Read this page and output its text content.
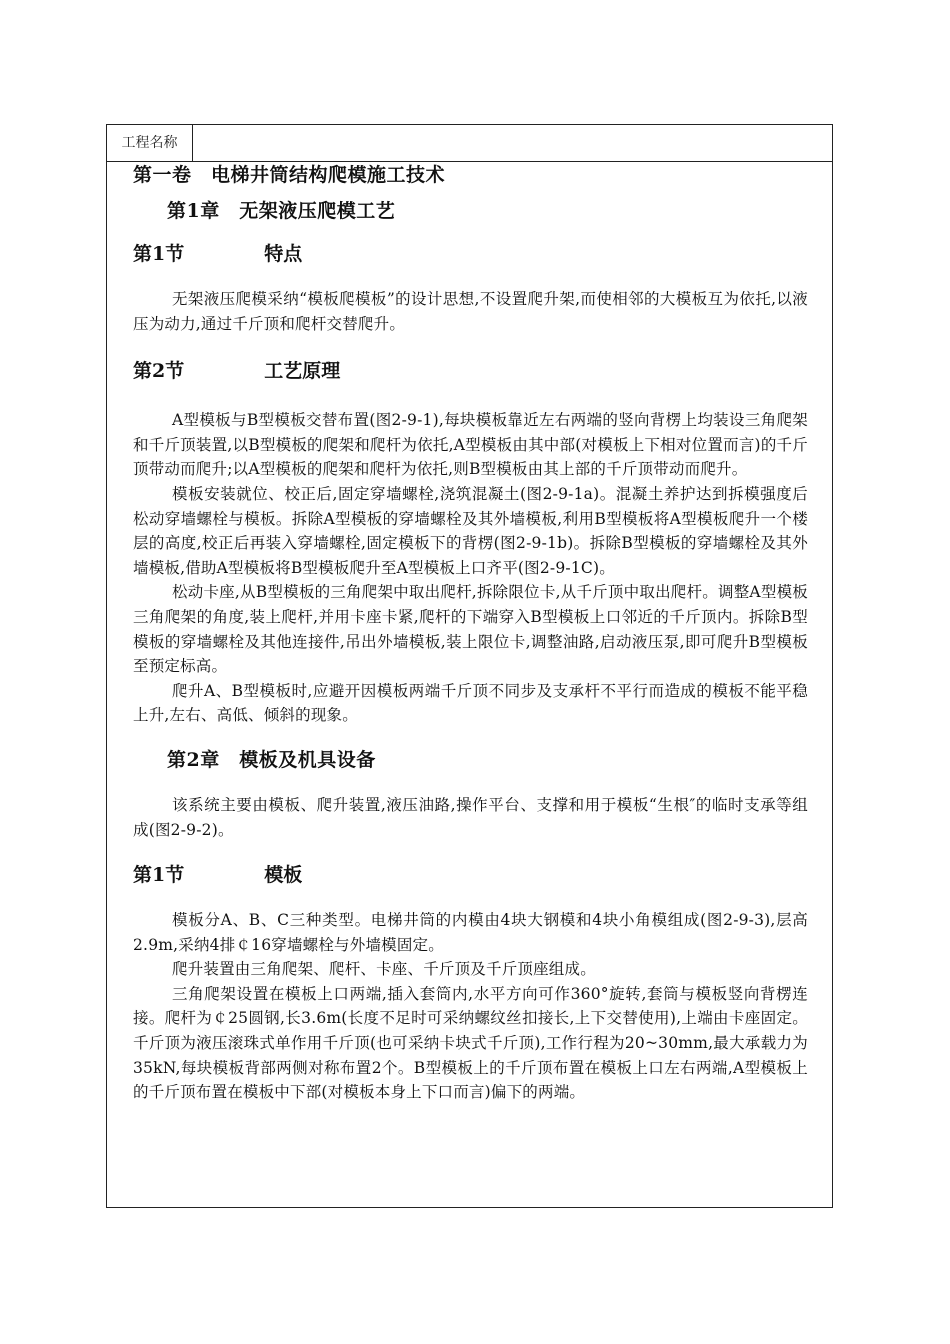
工程名称
第一卷　电梯井筒结构爬模施工技术
第1章　无架液压爬模工艺
第1节	特点

无架液压爬模采纳“模板爬模板”的设计思想,不设置爬升架,而使相邻的大模板互为依托,以液压为动力,通过千斤顶和爬杆交替爬升。

第2节	工艺原理

A型模板与B型模板交替布置(图2-9-1),每块模板靠近左右两端的竖向背楞上均装设三角爬架和千斤顶装置,以B型模板的爬架和爬杆为依托,A型模板由其中部(对模板上下相对位置而言)的千斤顶带动而爬升;以A型模板的爬架和爬杆为依托,则B型模板由其上部的千斤顶带动而爬升。

模板安装就位、校正后,固定穿墙螺栓,浇筑混凝土(图2-9-1a)。混凝土养护达到拆模强度后松动穿墙螺栓与模板。拆除A型模板的穿墙螺栓及其外墙模板,利用B型模板将A型模板爬升一个楼层的高度,校正后再装入穿墙螺栓,固定模板下的背楞(图2-9-1b)。拆除B型模板的穿墙螺栓及其外墙模板,借助A型模板将B型模板爬升至A型模板上口齐平(图2-9-1C)。

松动卡座,从B型模板的三角爬架中取出爬杆,拆除限位卡,从千斤顶中取出爬杆。调整A型模板三角爬架的角度,装上爬杆,并用卡座卡紧,爬杆的下端穿入B型模板上口邻近的千斤顶内。拆除B型模板的穿墙螺栓及其他连接件,吊出外墙模板,装上限位卡,调整油路,启动液压泵,即可爬升B型模板至预定标高。

爬升A、B型模板时,应避开因模板两端千斤顶不同步及支承杆不平行而造成的模板不能平稳上升,左右、高低、倾斜的现象。

第2章　模板及机具设备

该系统主要由模板、爬升装置,液压油路,操作平台、支撑和用于模板“生根″的临时支承等组成(图2-9-2)。

第1节	模板

模板分A、B、C三种类型。电梯井筒的内模由4块大钢模和4块小角模组成(图2-9-3),层高2.9m,采纳4排￠16穿墙螺栓与外墙模固定。

爬升装置由三角爬架、爬杆、卡座、千斤顶及千斤顶座组成。

三角爬架设置在模板上口两端,插入套筒内,水平方向可作360°旋转,套筒与模板竖向背楞连接。爬杆为￠25圆钢,长3.6m(长度不足时可采纳螺纹丝扣接长,上下交替使用),上端由卡座固定。千斤顶为液压滚珠式单作用千斤顶(也可采纳卡块式千斤顶),工作行程为20~30mm,最大承载力为35kN,每块模板背部两侧对称布置2个。B型模板上的千斤顶布置在模板上口左右两端,A型模板上的千斤顶布置在模板中下部(对模板本身上下口而言)偏下的两端。
